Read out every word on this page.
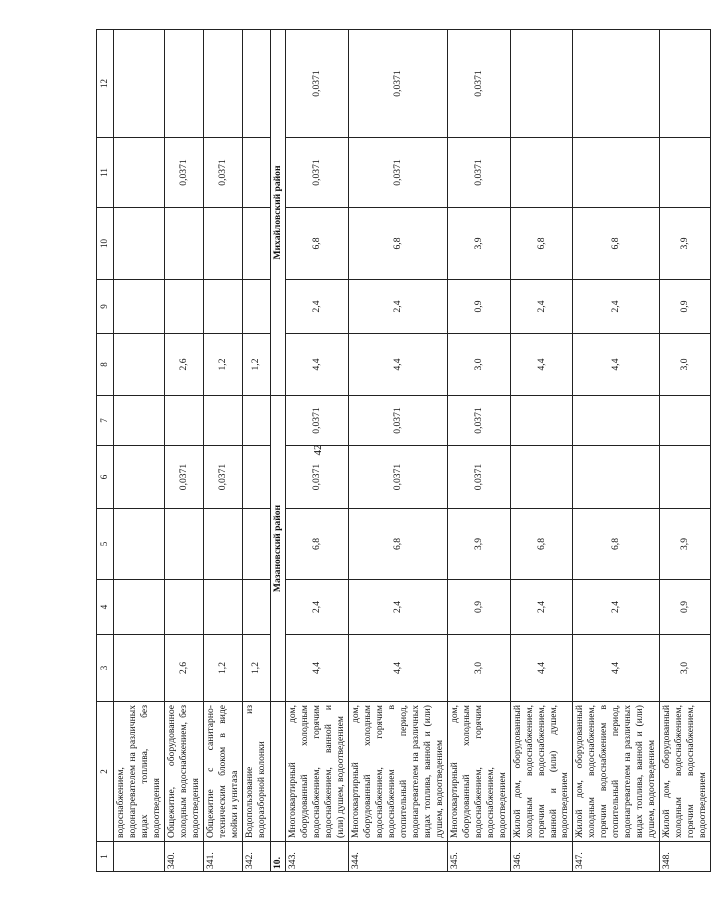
42
1	2	3	4	5	6	7	8	9	10	11	12
	водоснабжением, водонагревателем на различных видах топлива, без водоотведения										
340.	Общежитие, оборудованное холодным водоснабжением, без водоотведения	2,6			0,0371		2,6			0,0371	
341.	Общежитие с санитарно-техническим блоком в виде мойки и унитаза	1,2			0,0371		1,2			0,0371	
342.	Водопользование из водоразборной колонки	1,2					1,2				
10.		Мазановский район					Михайловский район				
343.	Многоквартирный дом, оборудованный холодным водоснабжением, горячим водоснабжением, ванной и (или) душем, водоотведением	4,4	2,4	6,8	0,0371	0,0371	4,4	2,4	6,8	0,0371	0,0371
344.	Многоквартирный дом, оборудованный холодным водоснабжением, горячим водоснабжением в отопительный период, водонагревателем на различных видах топлива, ванной и (или) душем, водоотведением	4,4	2,4	6,8	0,0371	0,0371	4,4	2,4	6,8	0,0371	0,0371
345.	Многоквартирный дом, оборудованный холодным водоснабжением, горячим водоснабжением, водоотведением	3,0	0,9	3,9	0,0371	0,0371	3,0	0,9	3,9	0,0371	0,0371
346.	Жилой дом, оборудованный холодным водоснабжением, горячим водоснабжением, ванной и (или) душем, водоотведением	4,4	2,4	6,8			4,4	2,4	6,8		
347.	Жилой дом, оборудованный холодным водоснабжением, горячим водоснабжением в отопительный период, водонагревателем на различных видах топлива, ванной и (или) душем, водоотведением	4,4	2,4	6,8			4,4	2,4	6,8		
348.	Жилой дом, оборудованный холодным водоснабжением, горячим водоснабжением, водоотведением	3,0	0,9	3,9			3,0	0,9	3,9		
